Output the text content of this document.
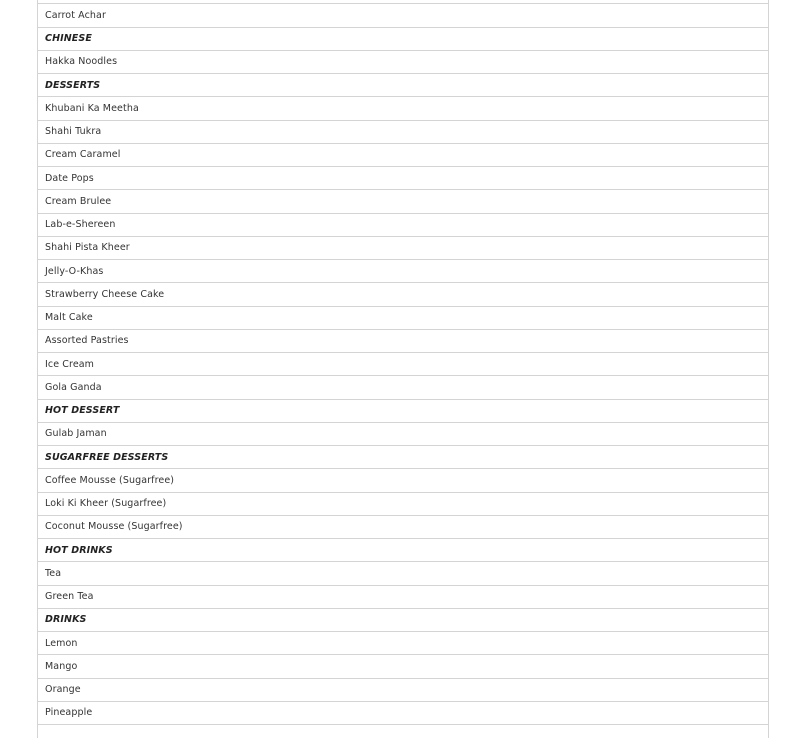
Carrot Achar
CHINESE
Hakka Noodles
DESSERTS
Khubani Ka Meetha
Shahi Tukra
Cream Caramel
Date Pops
Cream Brulee
Lab-e-Shereen
Shahi Pista Kheer
Jelly-O-Khas
Strawberry Cheese Cake
Malt Cake
Assorted Pastries
Ice Cream
Gola Ganda
HOT DESSERT
Gulab Jaman
SUGARFREE DESSERTS
Coffee Mousse (Sugarfree)
Loki Ki Kheer (Sugarfree)
Coconut Mousse (Sugarfree)
HOT DRINKS
Tea
Green Tea
DRINKS
Lemon
Mango
Orange
Pineapple
